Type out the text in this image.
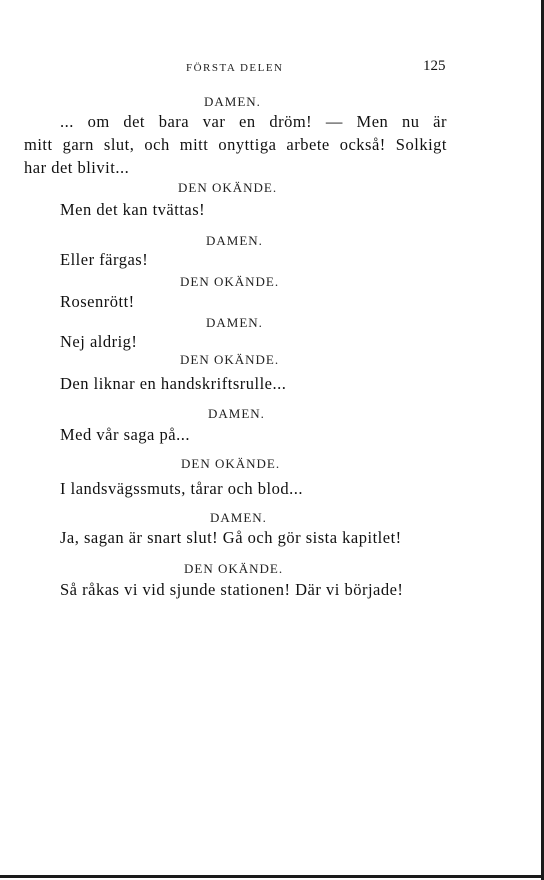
FÖRSTA DELEN	125
DAMEN.
... om det bara var en dröm! — Men nu är
mitt garn slut, och mitt onyttiga arbete också! Solkigt
har det blivit...
DEN OKÄNDE.
Men det kan tvättas!
DAMEN.
Eller färgas!
DEN OKÄNDE.
Rosenrött!
DAMEN.
Nej aldrig!
DEN OKÄNDE.
Den liknar en handskriftsrulle...
DAMEN.
Med vår saga på...
DEN OKÄNDE.
I landsvägssmuts, tårar och blod...
DAMEN.
Ja, sagan är snart slut! Gå och gör sista kapitlet!
DEN OKÄNDE.
Så råkas vi vid sjunde stationen! Där vi började!
